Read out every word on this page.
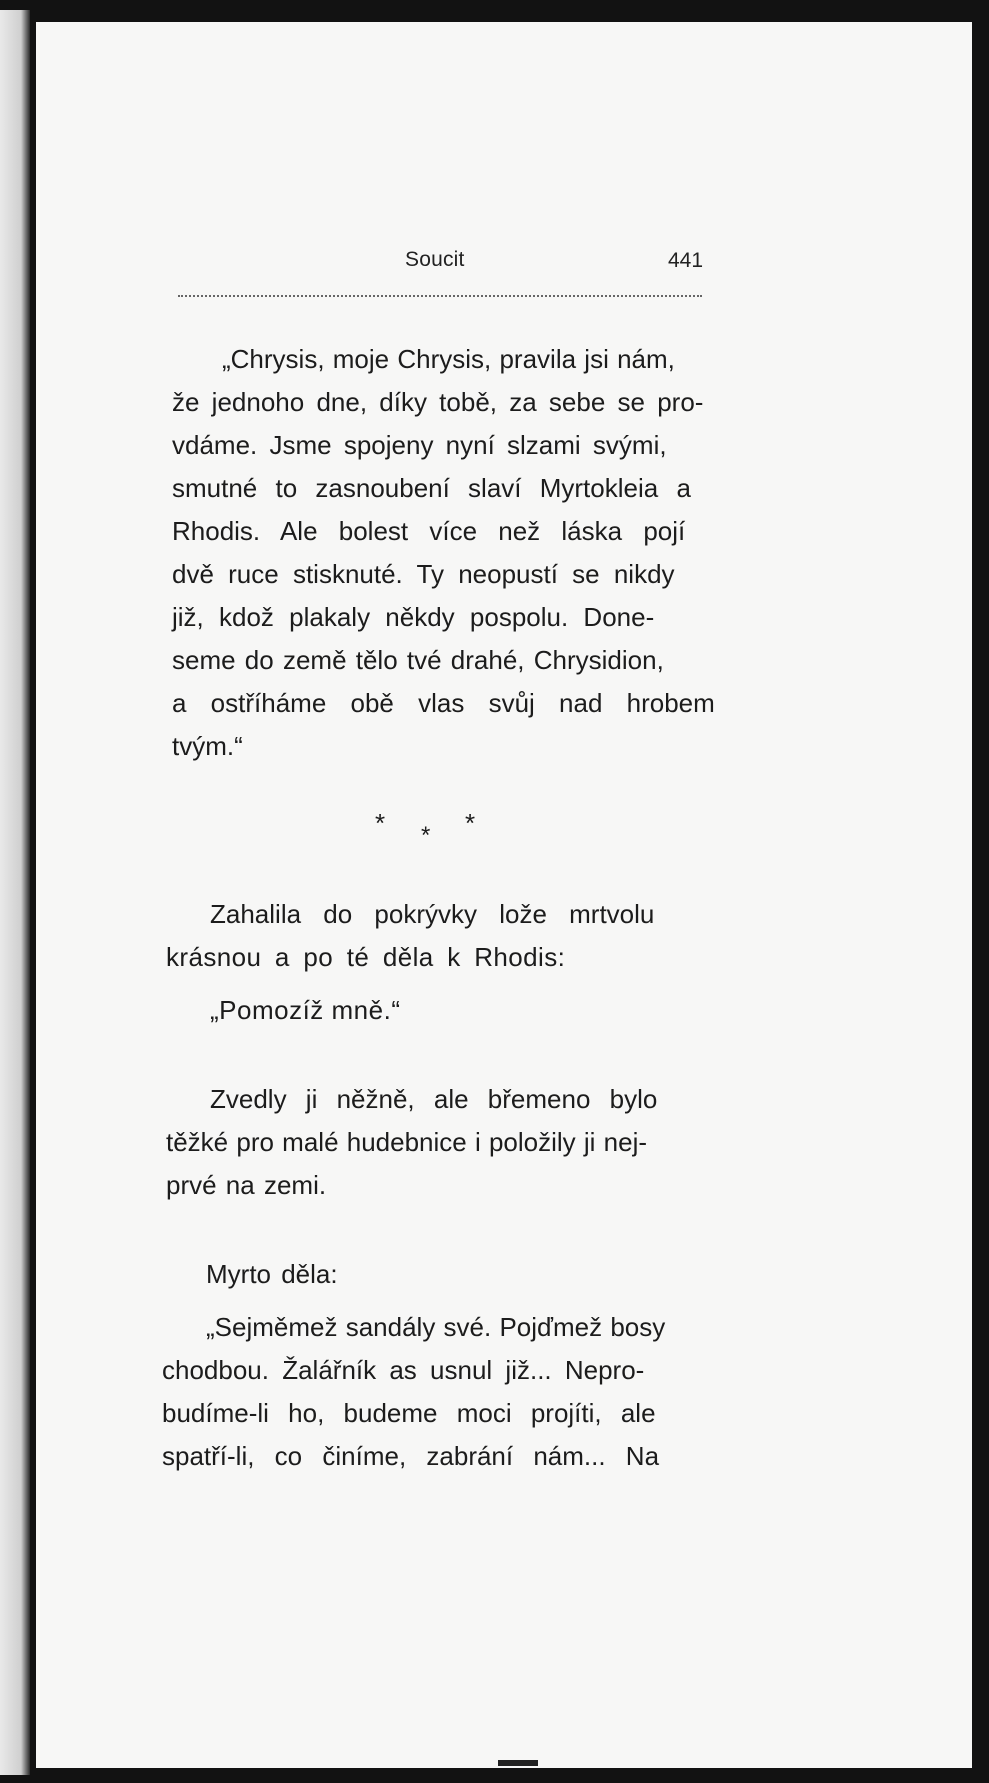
Soucit	441
„Chrysis, moje Chrysis, pravila jsi nám,
že jednoho dne, díky tobě, za sebe se pro-
vdáme. Jsme spojeny nyní slzami svými,
smutné to zasnoubení slaví Myrtokleia a
Rhodis. Ale bolest více než láska pojí
dvě ruce stisknuté. Ty neopustí se nikdy
již, kdož plakaly někdy pospolu. Done-
seme do země tělo tvé drahé, Chrysidion,
a ostříháme obě vlas svůj nad hrobem
tvým.“
* * *
Zahalila do pokrývky lože mrtvolu
krásnou a po té děla k Rhodis:
„Pomozíž mně.“
Zvedly ji něžně, ale břemeno bylo
těžké pro malé hudebnice i položily ji nej-
prvé na zemi.
Myrto děla:
„Sejměmež sandály své. Pojďmež bosy
chodbou. Žalářník as usnul již... Nepro-
budíme-li ho, budeme moci projíti, ale
spatří-li, co činíme, zabrání nám... Na
